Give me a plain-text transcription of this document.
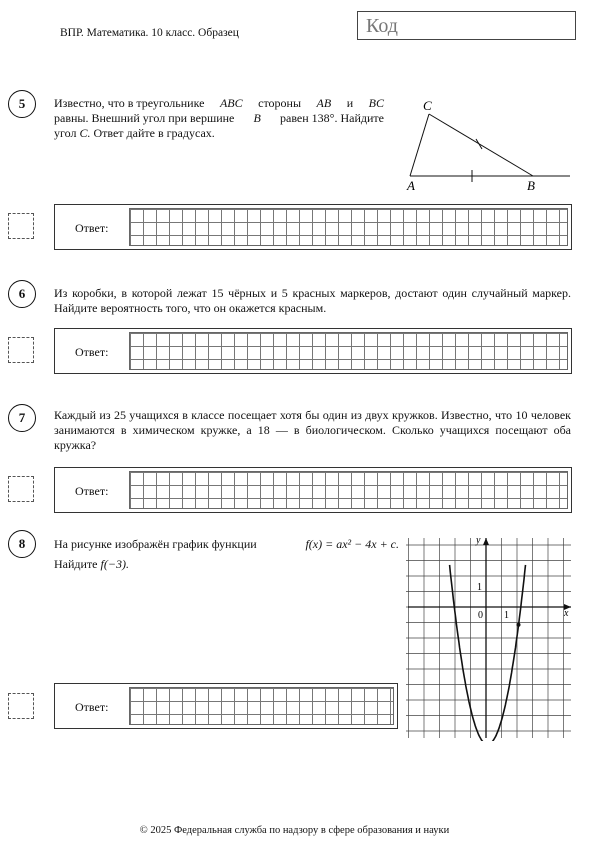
ВПР. Математика. 10 класс. Образец	Код
5	Известно, что в треугольнике ABC стороны AB и BC
равны. Внешний угол при вершине B равен 138°. Найдите
угол C. Ответ дайте в градусах.
C
A	B
Ответ:
6	Из коробки, в которой лежат 15 чёрных и 5 красных маркеров, достают один случайный маркер. Найдите вероятность того, что он окажется красным.
Ответ:
7	Каждый из 25 учащихся в классе посещает хотя бы один из двух кружков. Известно, что 10 человек занимаются в химическом кружке, а 18 — в биологическом. Сколько учащихся посещают оба кружка?
Ответ:
8	На рисунке изображён график функции	f(x) = ax² − 4x + c.
Найдите f(−3).
y
x
0
1
1
Ответ:
© 2025 Федеральная служба по надзору в сфере образования и науки
